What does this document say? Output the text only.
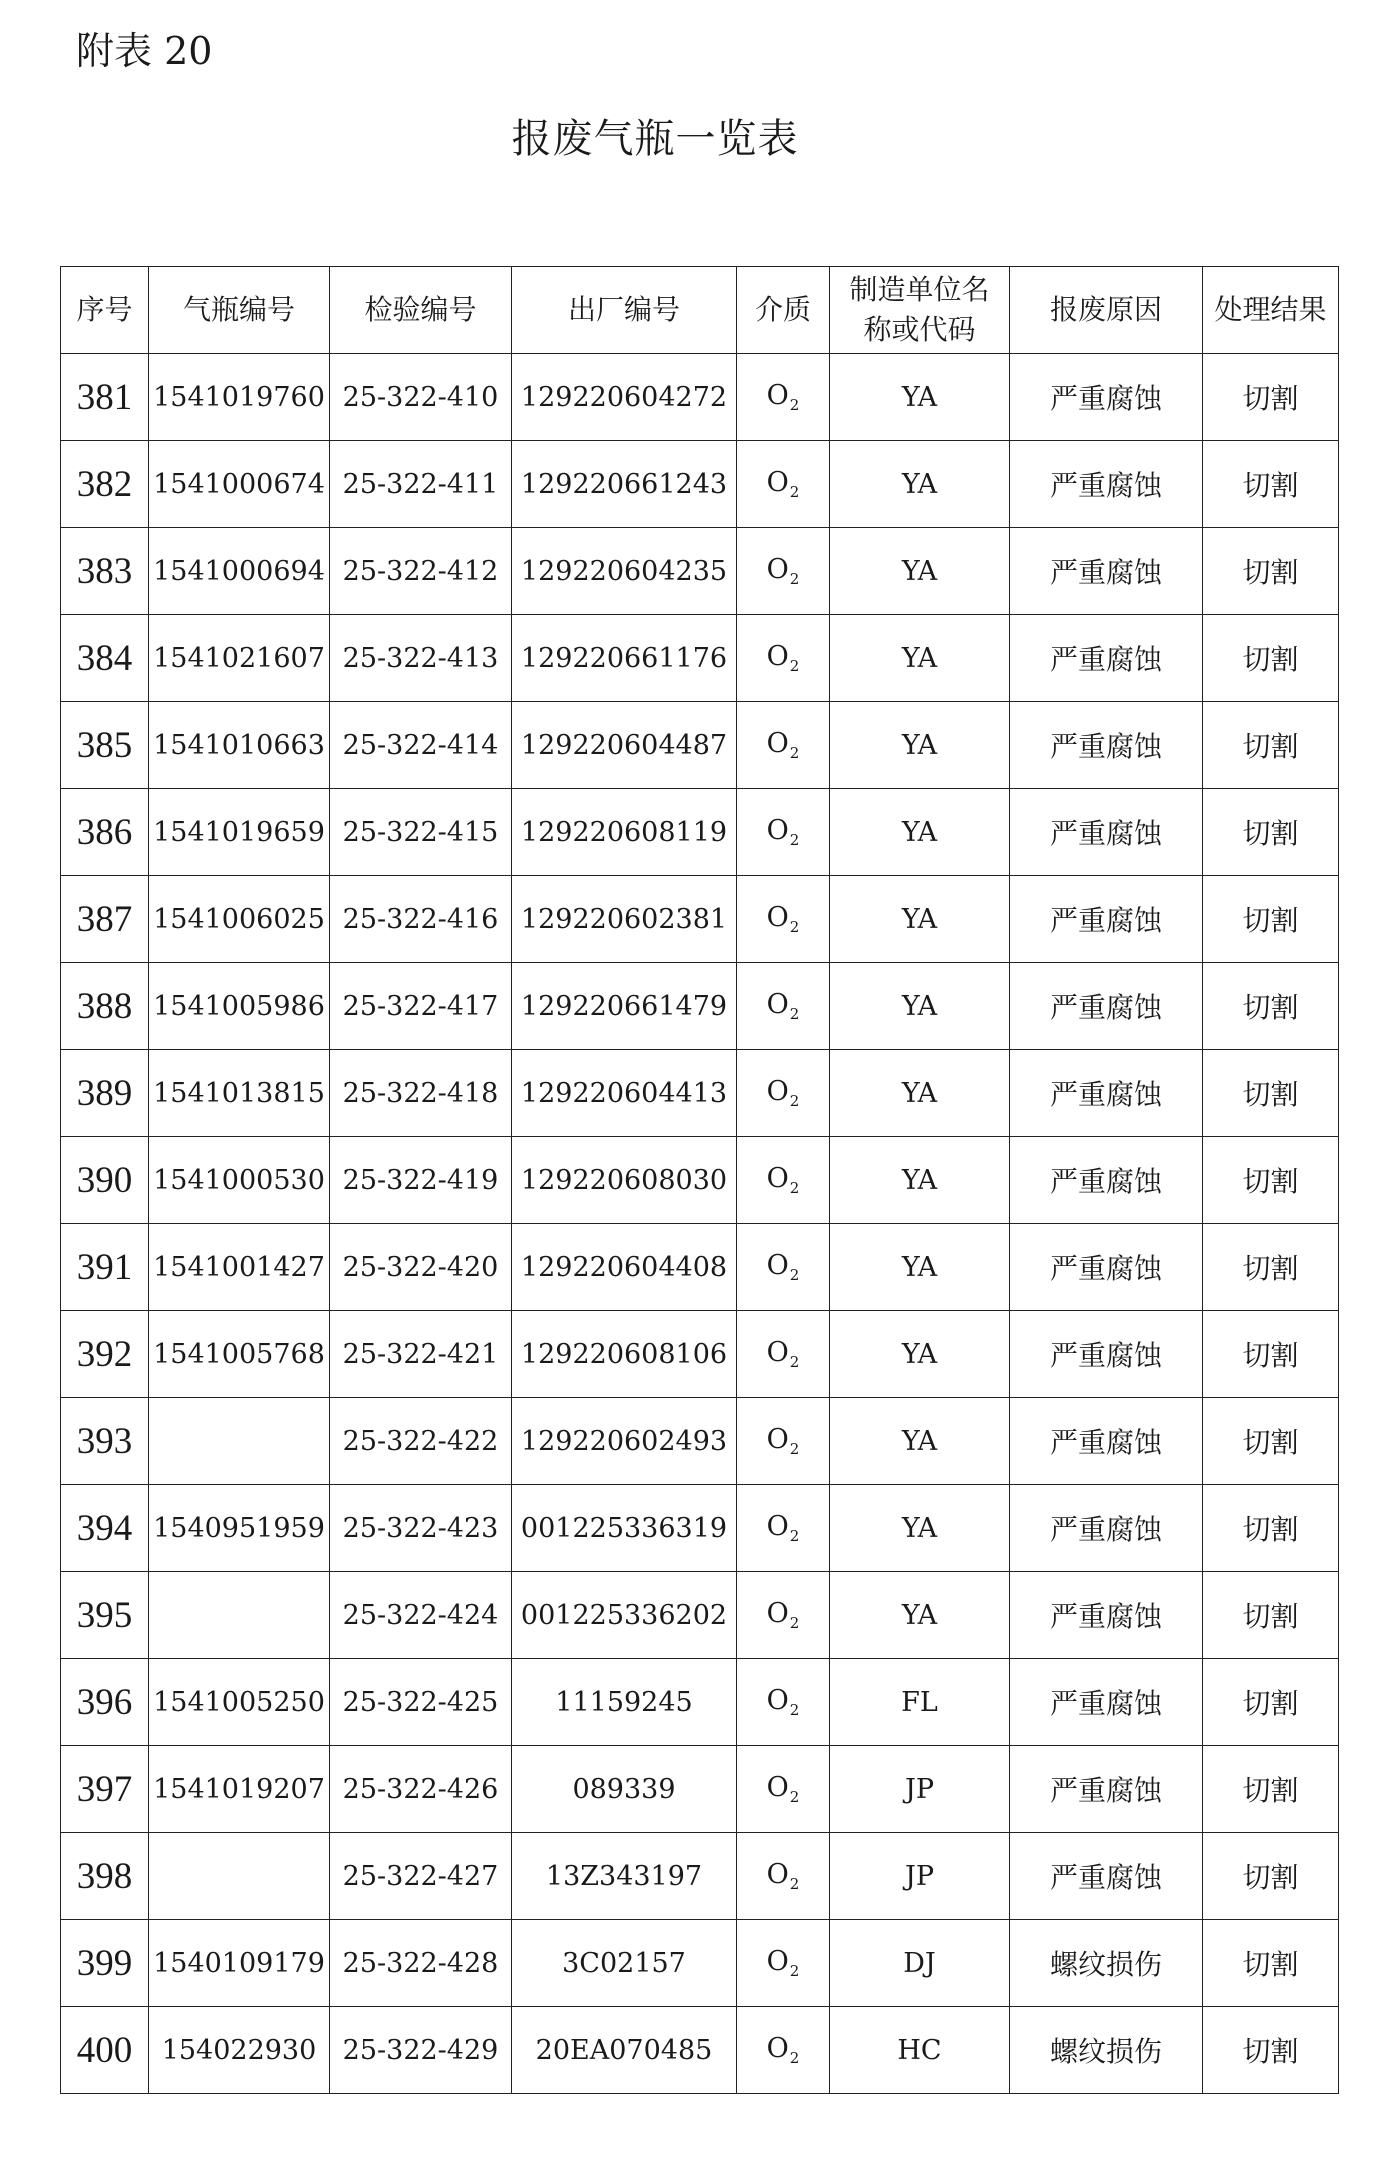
附表 20
报废气瓶一览表
序号	气瓶编号	检验编号	出厂编号	介质	制造单位名称或代码	报废原因	处理结果
381	1541019760	25-322-410	129220604272	$O_2$	YA	严重腐蚀	切割
382	1541000674	25-322-411	129220661243	$O_2$	YA	严重腐蚀	切割
383	1541000694	25-322-412	129220604235	$O_2$	YA	严重腐蚀	切割
384	1541021607	25-322-413	129220661176	$O_2$	YA	严重腐蚀	切割
385	1541010663	25-322-414	129220604487	$O_2$	YA	严重腐蚀	切割
386	1541019659	25-322-415	129220608119	$O_2$	YA	严重腐蚀	切割
387	1541006025	25-322-416	129220602381	$O_2$	YA	严重腐蚀	切割
388	1541005986	25-322-417	129220661479	$O_2$	YA	严重腐蚀	切割
389	1541013815	25-322-418	129220604413	$O_2$	YA	严重腐蚀	切割
390	1541000530	25-322-419	129220608030	$O_2$	YA	严重腐蚀	切割
391	1541001427	25-322-420	129220604408	$O_2$	YA	严重腐蚀	切割
392	1541005768	25-322-421	129220608106	$O_2$	YA	严重腐蚀	切割
393		25-322-422	129220602493	$O_2$	YA	严重腐蚀	切割
394	1540951959	25-322-423	001225336319	$O_2$	YA	严重腐蚀	切割
395		25-322-424	001225336202	$O_2$	YA	严重腐蚀	切割
396	1541005250	25-322-425	11159245	$O_2$	FL	严重腐蚀	切割
397	1541019207	25-322-426	089339	$O_2$	JP	严重腐蚀	切割
398		25-322-427	13Z343197	$O_2$	JP	严重腐蚀	切割
399	1540109179	25-322-428	3C02157	$O_2$	DJ	螺纹损伤	切割
400	154022930	25-322-429	20EA070485	$O_2$	HC	螺纹损伤	切割
